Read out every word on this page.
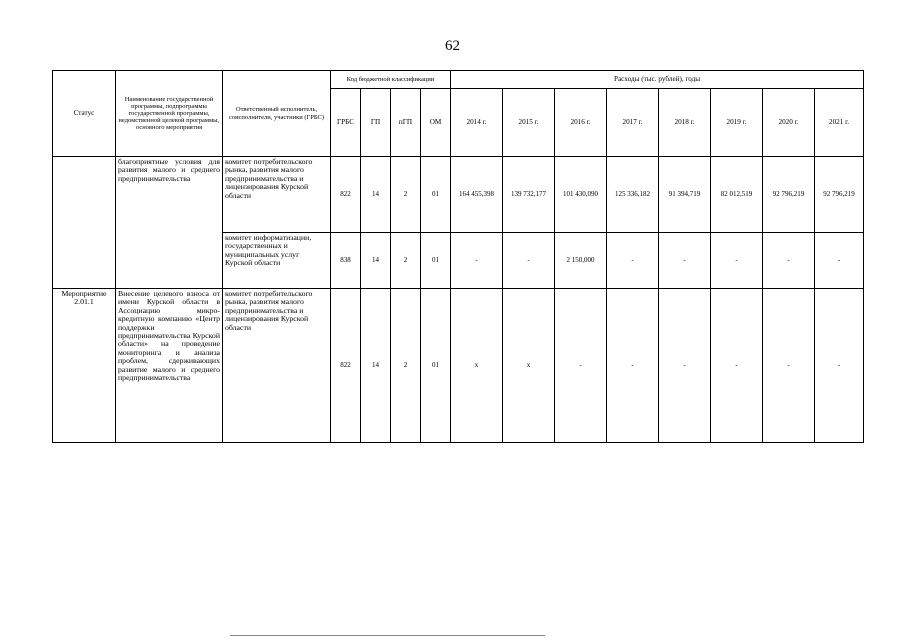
62
Статус	Наименование государственной программы, подпрограммы государственной программы, ведомственной целевой программы, основного мероприятия	Ответственный исполнитель, соисполнители, участники (ГРБС)	Код бюджетной классификации				Расходы (тыс. рублей), годы							
			ГРБС	ГП	пГП	ОМ	2014 г.	2015 г.	2016 г.	2017 г.	2018 г.	2019 г.	2020 г.	2021 г.
	благоприятные условия для развития малого и среднего предпринимательства	комитет потребительского рынка, развития малого предпринимательства и лицензирования Курской области	822	14	2	01	164 455,398	139 732,177	101 430,090	125 336,182	91 394,719	82 012,519	92 796,219	92 796,219
		комитет информатизации, государственных и муниципальных услуг Курской области	838	14	2	01	-	-	2 150,000	-	-	-	-	-
Мероприятие 2.01.1	Внесение целевого взноса от имени Курской области в Ассоциацию микро-кредитную компанию «Центр поддержки предпринимательства Курской области» на проведение мониторинга и анализа проблем, сдерживающих развитие малого и среднего предпринимательства	комитет потребительского рынка, развития малого предпринимательства и лицензирования Курской области	822	14	2	01	х	х	-	-	-	-	-	-
